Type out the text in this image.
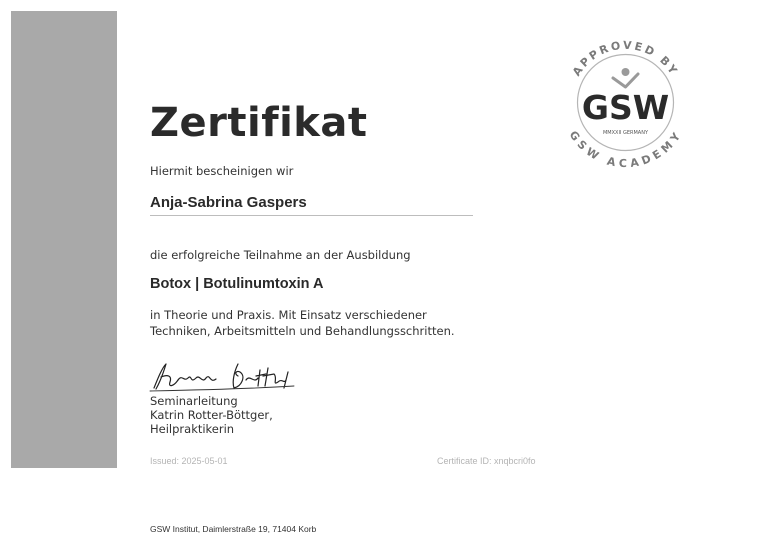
Zertifikat
Hiermit bescheinigen wir
Anja-Sabrina Gaspers
die erfolgreiche Teilnahme an der Ausbildung
Botox | Botulinumtoxin A
in Theorie und Praxis. Mit Einsatz verschiedener
Techniken, Arbeitsmitteln und Behandlungsschritten.
Seminarleitung
Katrin Rotter-Böttger,
Heilpraktikerin
Issued: 2025-05-01	Certificate ID: xnqbcri0fo
GSW Institut, Daimlerstraße 19, 71404 Korb
APPROVED BY
GSW ACADEMY
GSW
MMXXII GERMANY
